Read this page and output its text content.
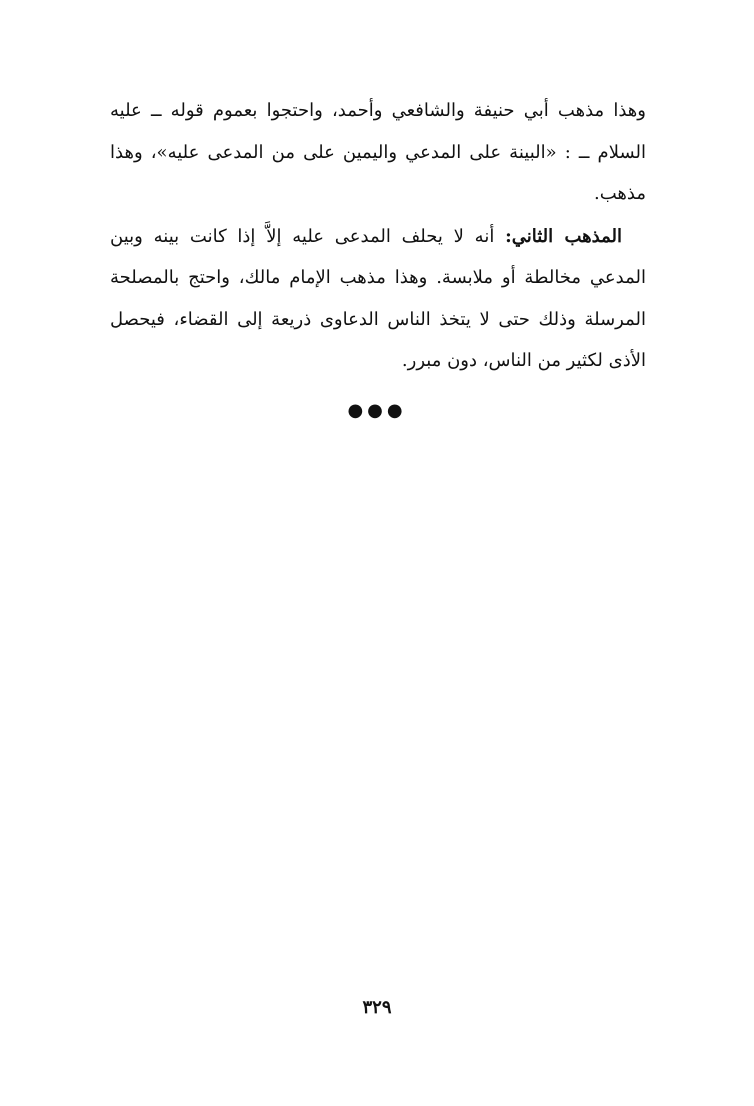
وهذا مذهب أبي حنيفة والشافعي وأحمد، واحتجوا بعموم قوله ــ عليه السلام ــ : «البينة على المدعي واليمين على من المدعى عليه»، وهذا مذهب.

المذهب الثاني: أنه لا يحلف المدعى عليه إلاَّ إذا كانت بينه وبين المدعي مخالطة أو ملابسة. وهذا مذهب الإمام مالك، واحتج بالمصلحة المرسلة وذلك حتى لا يتخذ الناس الدعاوى ذريعة إلى القضاء، فيحصل الأذى لكثير من الناس، دون مبرر.

●●●
٣٢٩
